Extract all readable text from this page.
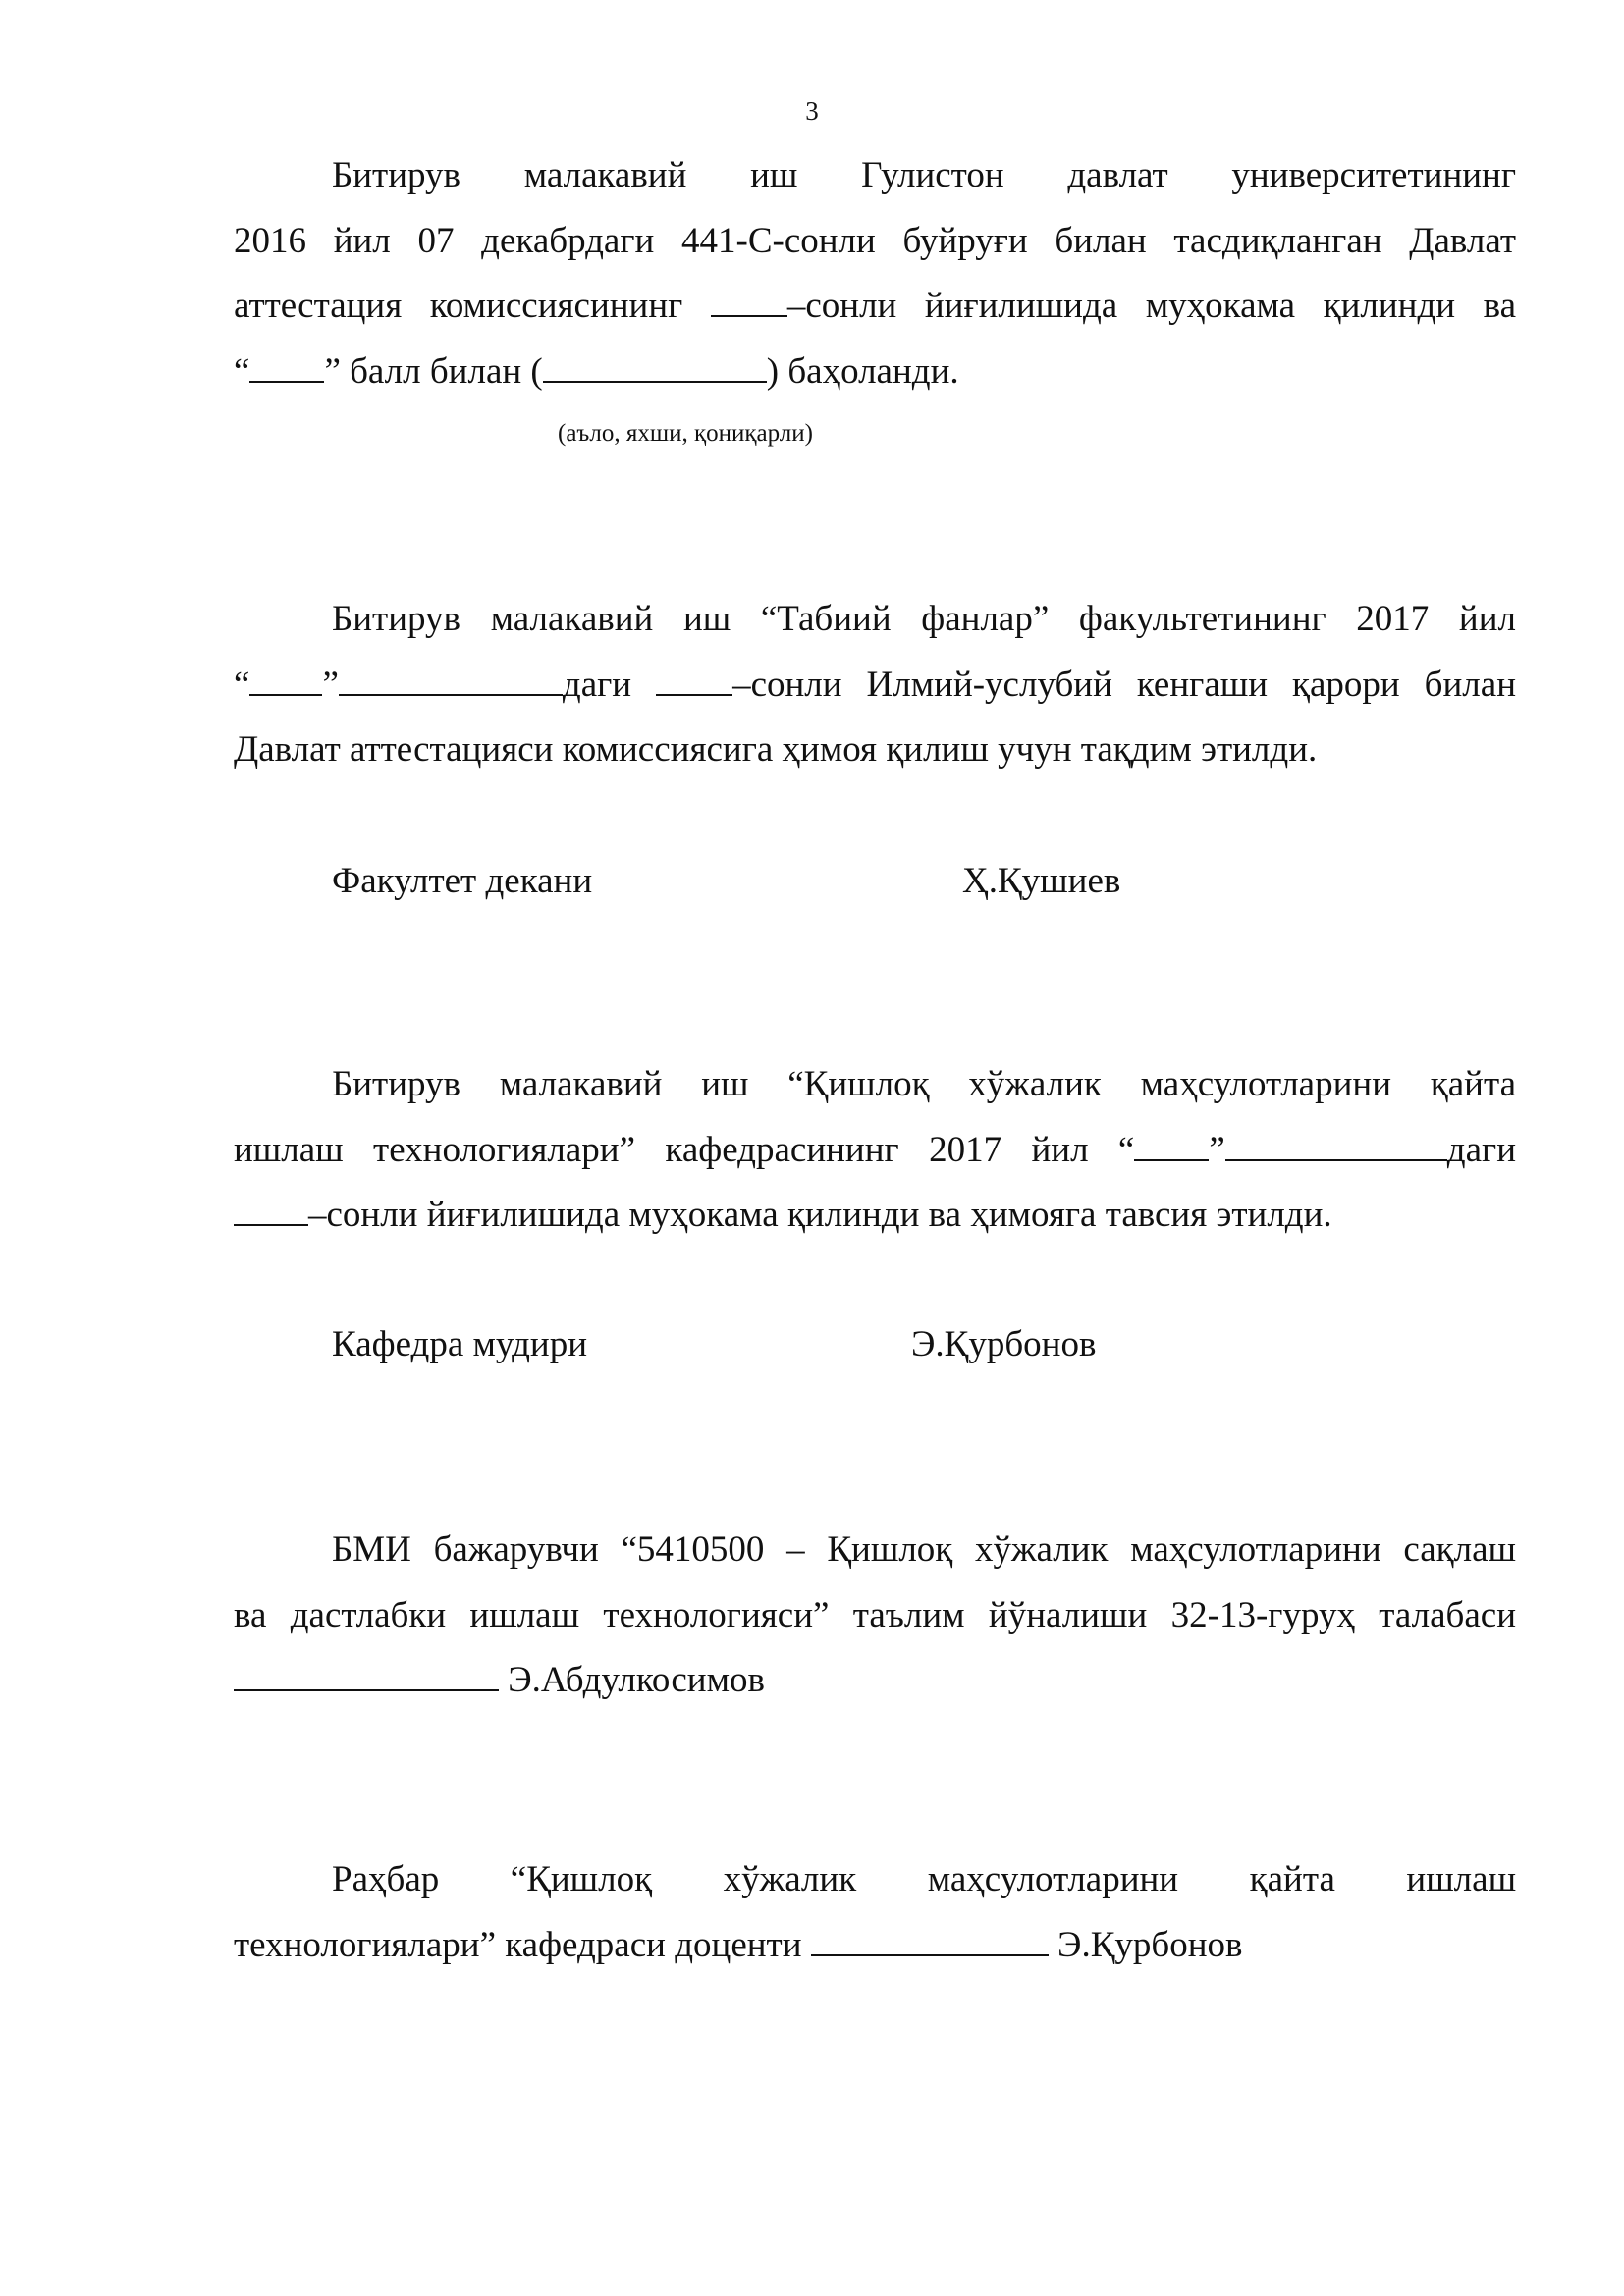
3
Битирув малакавий иш Гулистон давлат университетининг
2016 йил 07 декабрдаги 441-С-сонли буйруғи билан тасдиқланган Давлат
аттестация комиссиясининг –сонли йиғилишида муҳокама қилинди ва
“ ” балл билан (	) баҳоланди.
(аъло, яхши, қониқарли)
Битирув малакавий иш “Табиий фанлар” факультетининг 2017 йил
“ ”	даги –сонли Илмий-услубий кенгаши қарори билан
Давлат аттестацияси комиссиясига ҳимоя қилиш учун тақдим этилди.
Факултет декани	Ҳ.Қушиев
Битирув малакавий иш “Қишлоқ хўжалик маҳсулотларини қайта
ишлаш технологиялари” кафедрасининг 2017 йил “ ”	даги
–сонли йиғилишида муҳокама қилинди ва ҳимояга тавсия этилди.
Кафедра мудири	Э.Қурбонов
БМИ бажарувчи “5410500 – Қишлоқ хўжалик маҳсулотларини сақлаш
ва дастлабки ишлаш технологияси” таълим йўналиши 32-13-гуруҳ талабаси
Э.Абдулкосимов
Раҳбар “Қишлоқ хўжалик маҳсулотларини қайта ишлаш
технологиялари” кафедраси доценти	Э.Қурбонов
